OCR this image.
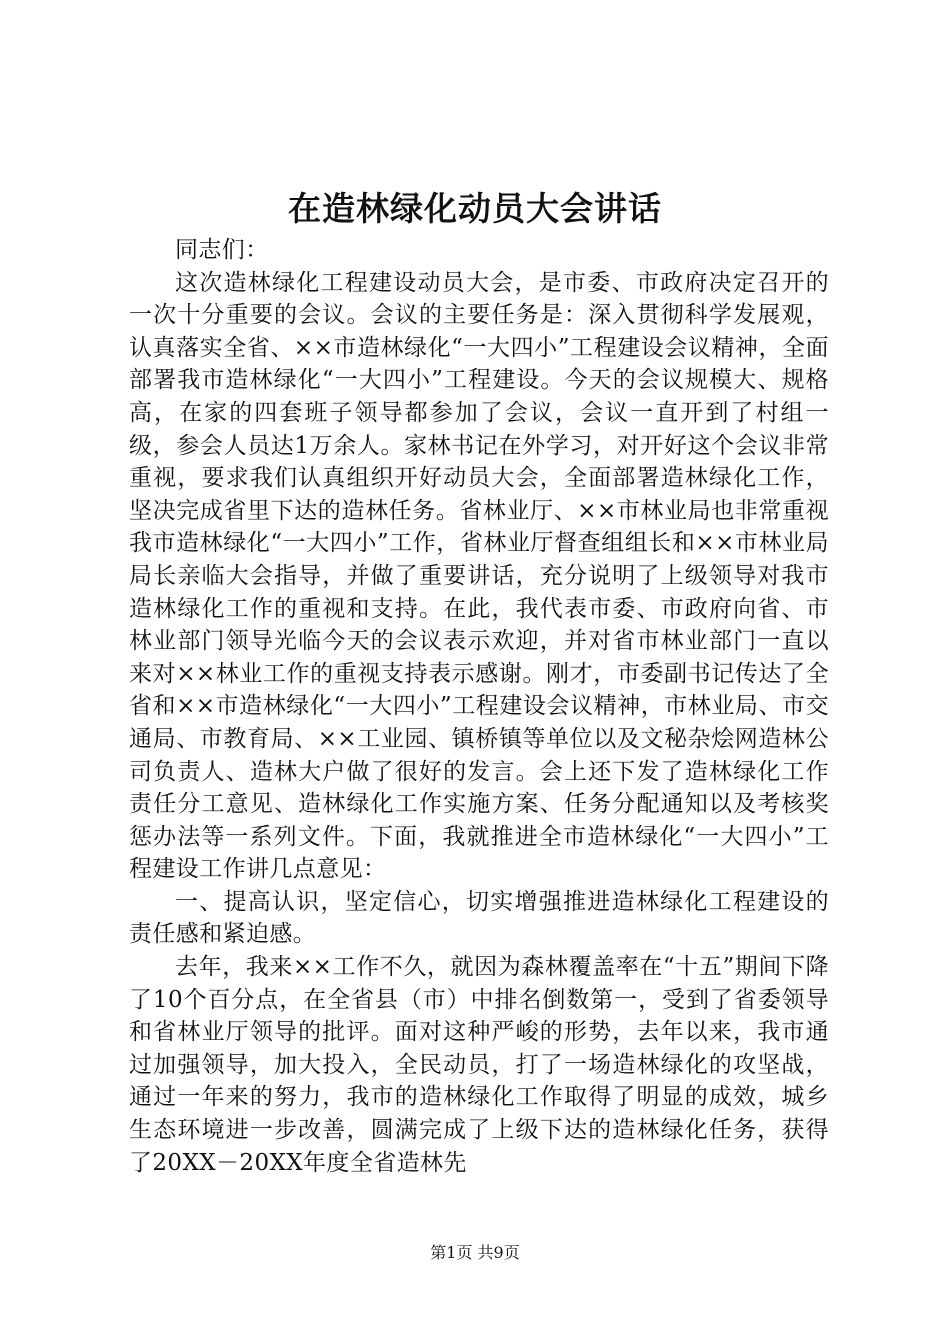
在造林绿化动员大会讲话

同志们：

这次造林绿化工程建设动员大会，是市委、市政府决定召开的一次十分重要的会议。会议的主要任务是：深入贯彻科学发展观，认真落实全省、××市造林绿化“一大四小”工程建设会议精神，全面部署我市造林绿化“一大四小”工程建设。今天的会议规模大、规格高，在家的四套班子领导都参加了会议，会议一直开到了村组一级，参会人员达1万余人。家林书记在外学习，对开好这个会议非常重视，要求我们认真组织开好动员大会，全面部署造林绿化工作，坚决完成省里下达的造林任务。省林业厅、××市林业局也非常重视我市造林绿化“一大四小”工作，省林业厅督查组组长和××市林业局局长亲临大会指导，并做了重要讲话，充分说明了上级领导对我市造林绿化工作的重视和支持。在此，我代表市委、市政府向省、市林业部门领导光临今天的会议表示欢迎，并对省市林业部门一直以来对××林业工作的重视支持表示感谢。刚才，市委副书记传达了全省和××市造林绿化“一大四小”工程建设会议精神，市林业局、市交通局、市教育局、××工业园、镇桥镇等单位以及文秘杂烩网造林公司负责人、造林大户做了很好的发言。会上还下发了造林绿化工作责任分工意见、造林绿化工作实施方案、任务分配通知以及考核奖惩办法等一系列文件。下面，我就推进全市造林绿化“一大四小”工程建设工作讲几点意见：

一、提高认识，坚定信心，切实增强推进造林绿化工程建设的责任感和紧迫感。

去年，我来××工作不久，就因为森林覆盖率在“十五”期间下降了10个百分点，在全省县（市）中排名倒数第一，受到了省委领导和省林业厅领导的批评。面对这种严峻的形势，去年以来，我市通过加强领导，加大投入，全民动员，打了一场造林绿化的攻坚战，通过一年来的努力，我市的造林绿化工作取得了明显的成效，城乡生态环境进一步改善，圆满完成了上级下达的造林绿化任务，获得了20XX－20XX年度全省造林先

第1页 共9页
